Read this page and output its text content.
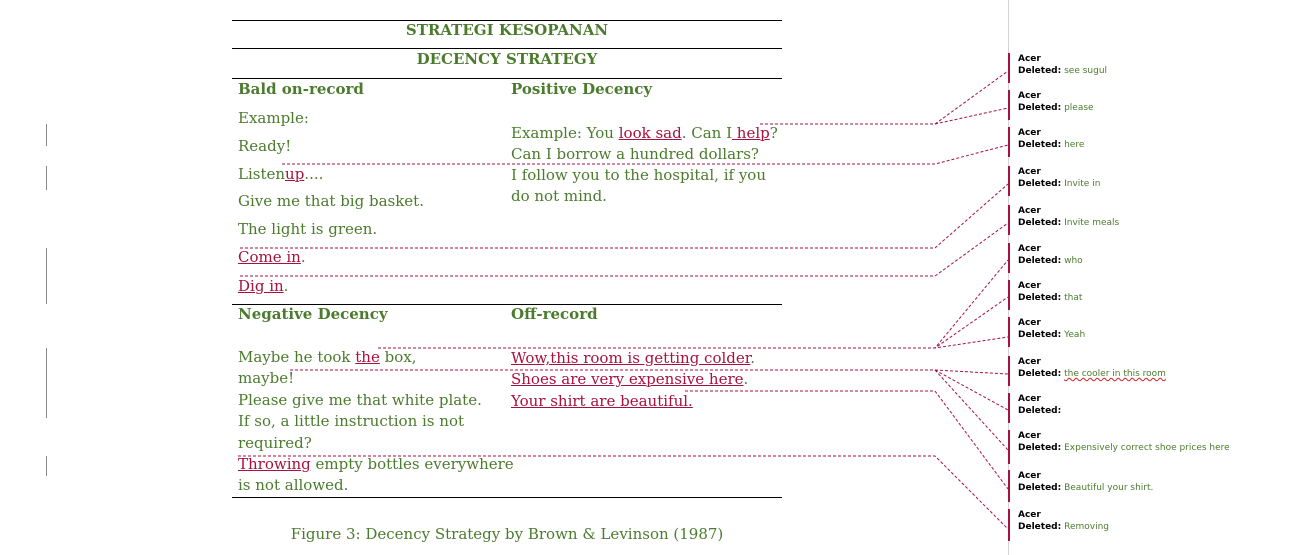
STRATEGI KESOPANAN
DECENCY STRATEGY
Bald on-record
Example:
Ready!
Listenup....
Give me that big basket.
The light is green.
Come in.
Dig in.
Positive Decency
Example: You look sad. Can I help?
Can I borrow a hundred dollars?
I follow you to the hospital, if you
do not mind.
Negative Decency
Maybe he took the box,
maybe!
Please give me that white plate.
If so, a little instruction is not
required?
Throwing empty bottles everywhere
is not allowed.
Off-record
Wow,this room is getting colder.
Shoes are very expensive here.
Your shirt are beautiful.
Figure 3: Decency Strategy by Brown & Levinson (1987)
Acer
Deleted: see sugul
Acer
Deleted: please
Acer
Deleted: here
Acer
Deleted: Invite in
Acer
Deleted: Invite meals
Acer
Deleted: who
Acer
Deleted: that
Acer
Deleted: Yeah
Acer
Deleted: the cooler in this room
Acer
Deleted:
Acer
Deleted: Expensively correct shoe prices here
Acer
Deleted: Beautiful your shirt.
Acer
Deleted: Removing
